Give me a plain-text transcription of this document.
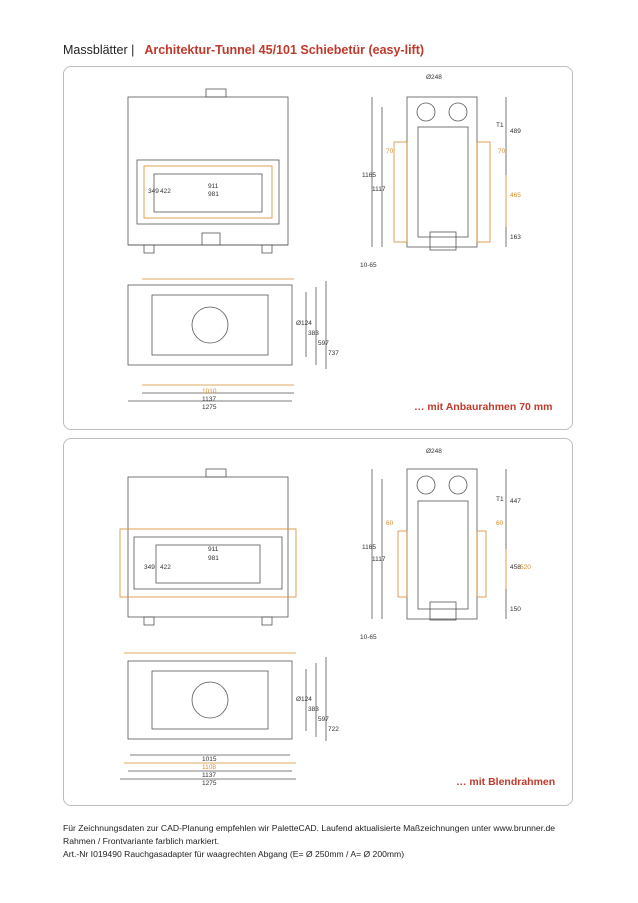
Massblätter | Architektur-Tunnel 45/101 Schiebetür (easy-lift)
911
981
349 422
Ø248
T1
70	70
1165
1117
489
465
163
10-65
Ø124
383
597
737
1010
1137
1275	… mit Anbaurahmen 70 mm
911
981
349 422
Ø248
T1
60	60
1165
1117
447
458 520
150
10-65
Ø124
383
597
722
1015
1108
1137
1275	… mit Blendrahmen
Für Zeichnungsdaten zur CAD-Planung empfehlen wir PaletteCAD. Laufend aktualisierte Maßzeichnungen unter www.brunner.de
Rahmen / Frontvariante farblich markiert.
Art.-Nr I019490 Rauchgasadapter für waagrechten Abgang (E= Ø 250mm / A= Ø 200mm)
